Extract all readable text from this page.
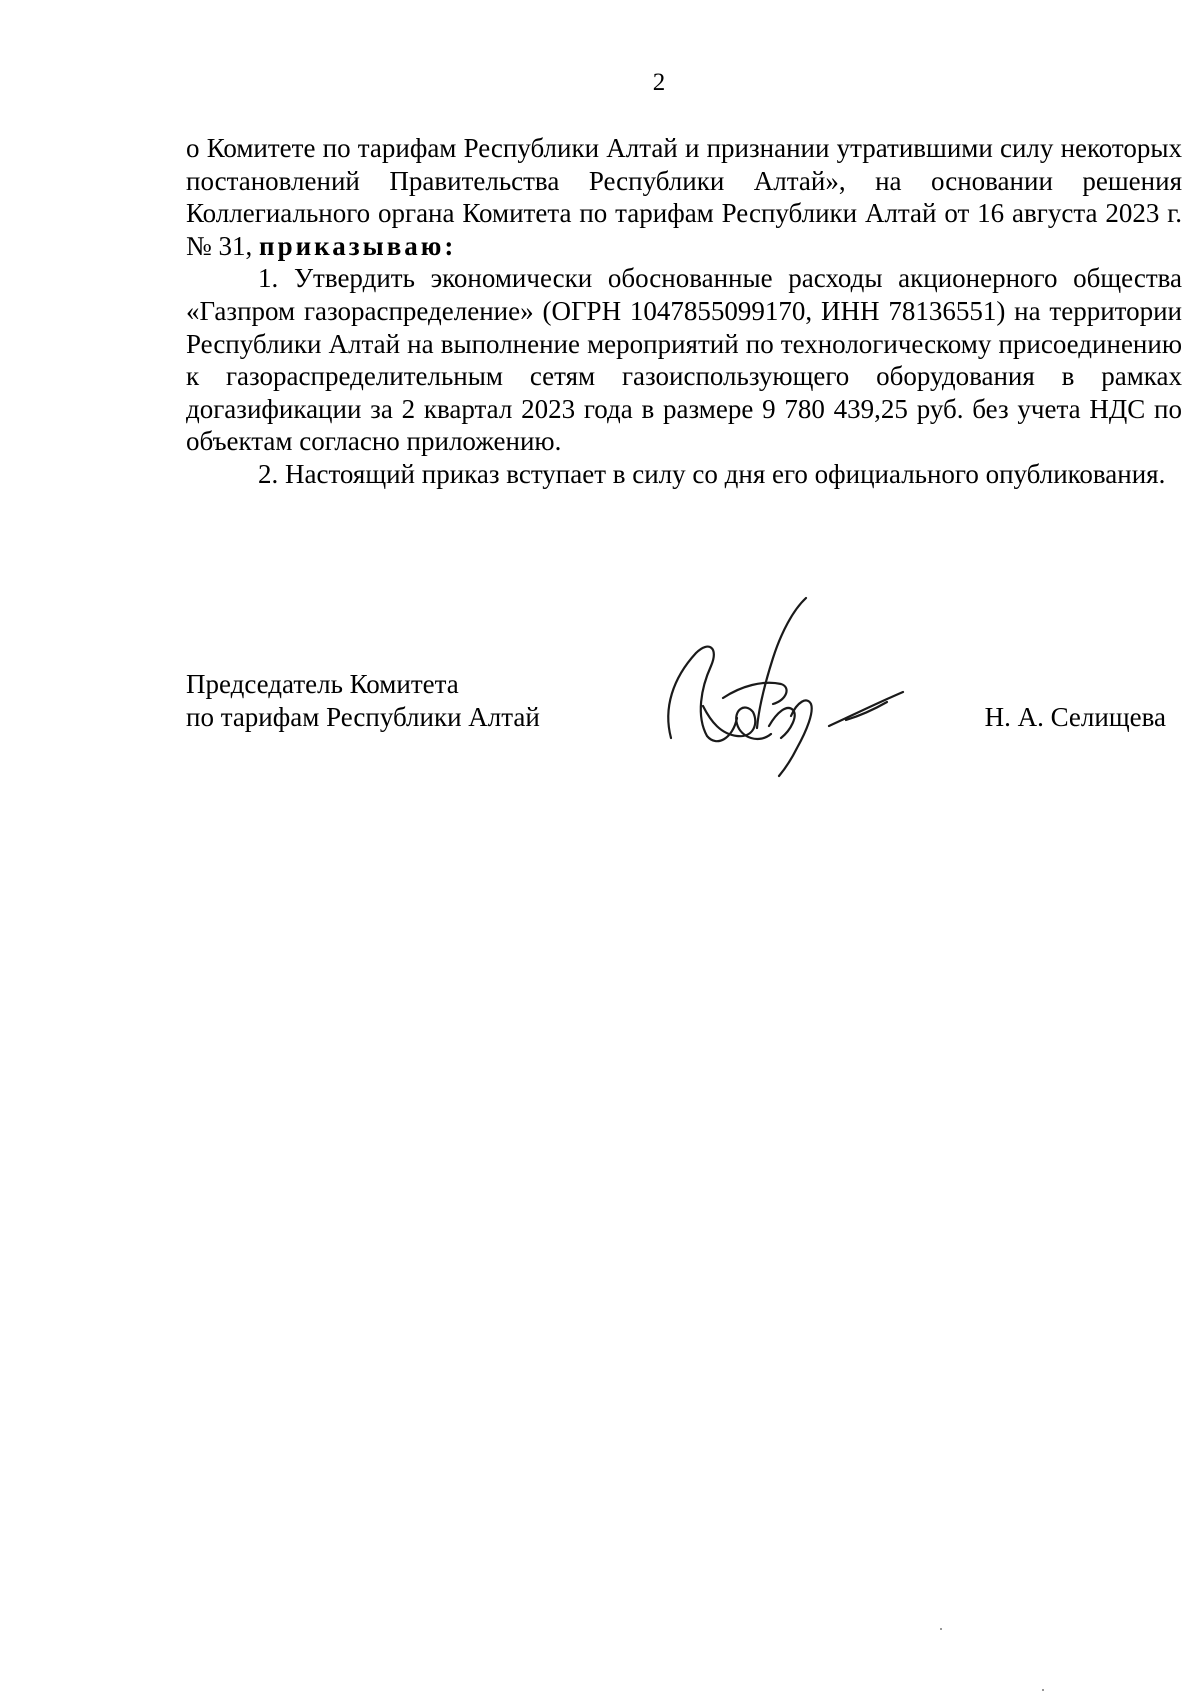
2

о Комитете по тарифам Республики Алтай и признании утратившими силу некоторых постановлений Правительства Республики Алтай», на основании решения Коллегиального органа Комитета по тарифам Республики Алтай от 16 августа 2023 г. № 31, приказываю:

1. Утвердить экономически обоснованные расходы акционерного общества «Газпром газораспределение» (ОГРН 1047855099170, ИНН 78136551) на территории Республики Алтай на выполнение мероприятий по технологическому присоединению к газораспределительным сетям газоиспользующего оборудования в рамках догазификации за 2 квартал 2023 года в размере 9 780 439,25 руб. без учета НДС по объектам согласно приложению.

2. Настоящий приказ вступает в силу со дня его официального опубликования.

Председатель Комитета
по тарифам Республики Алтай	Н. А. Селищева
